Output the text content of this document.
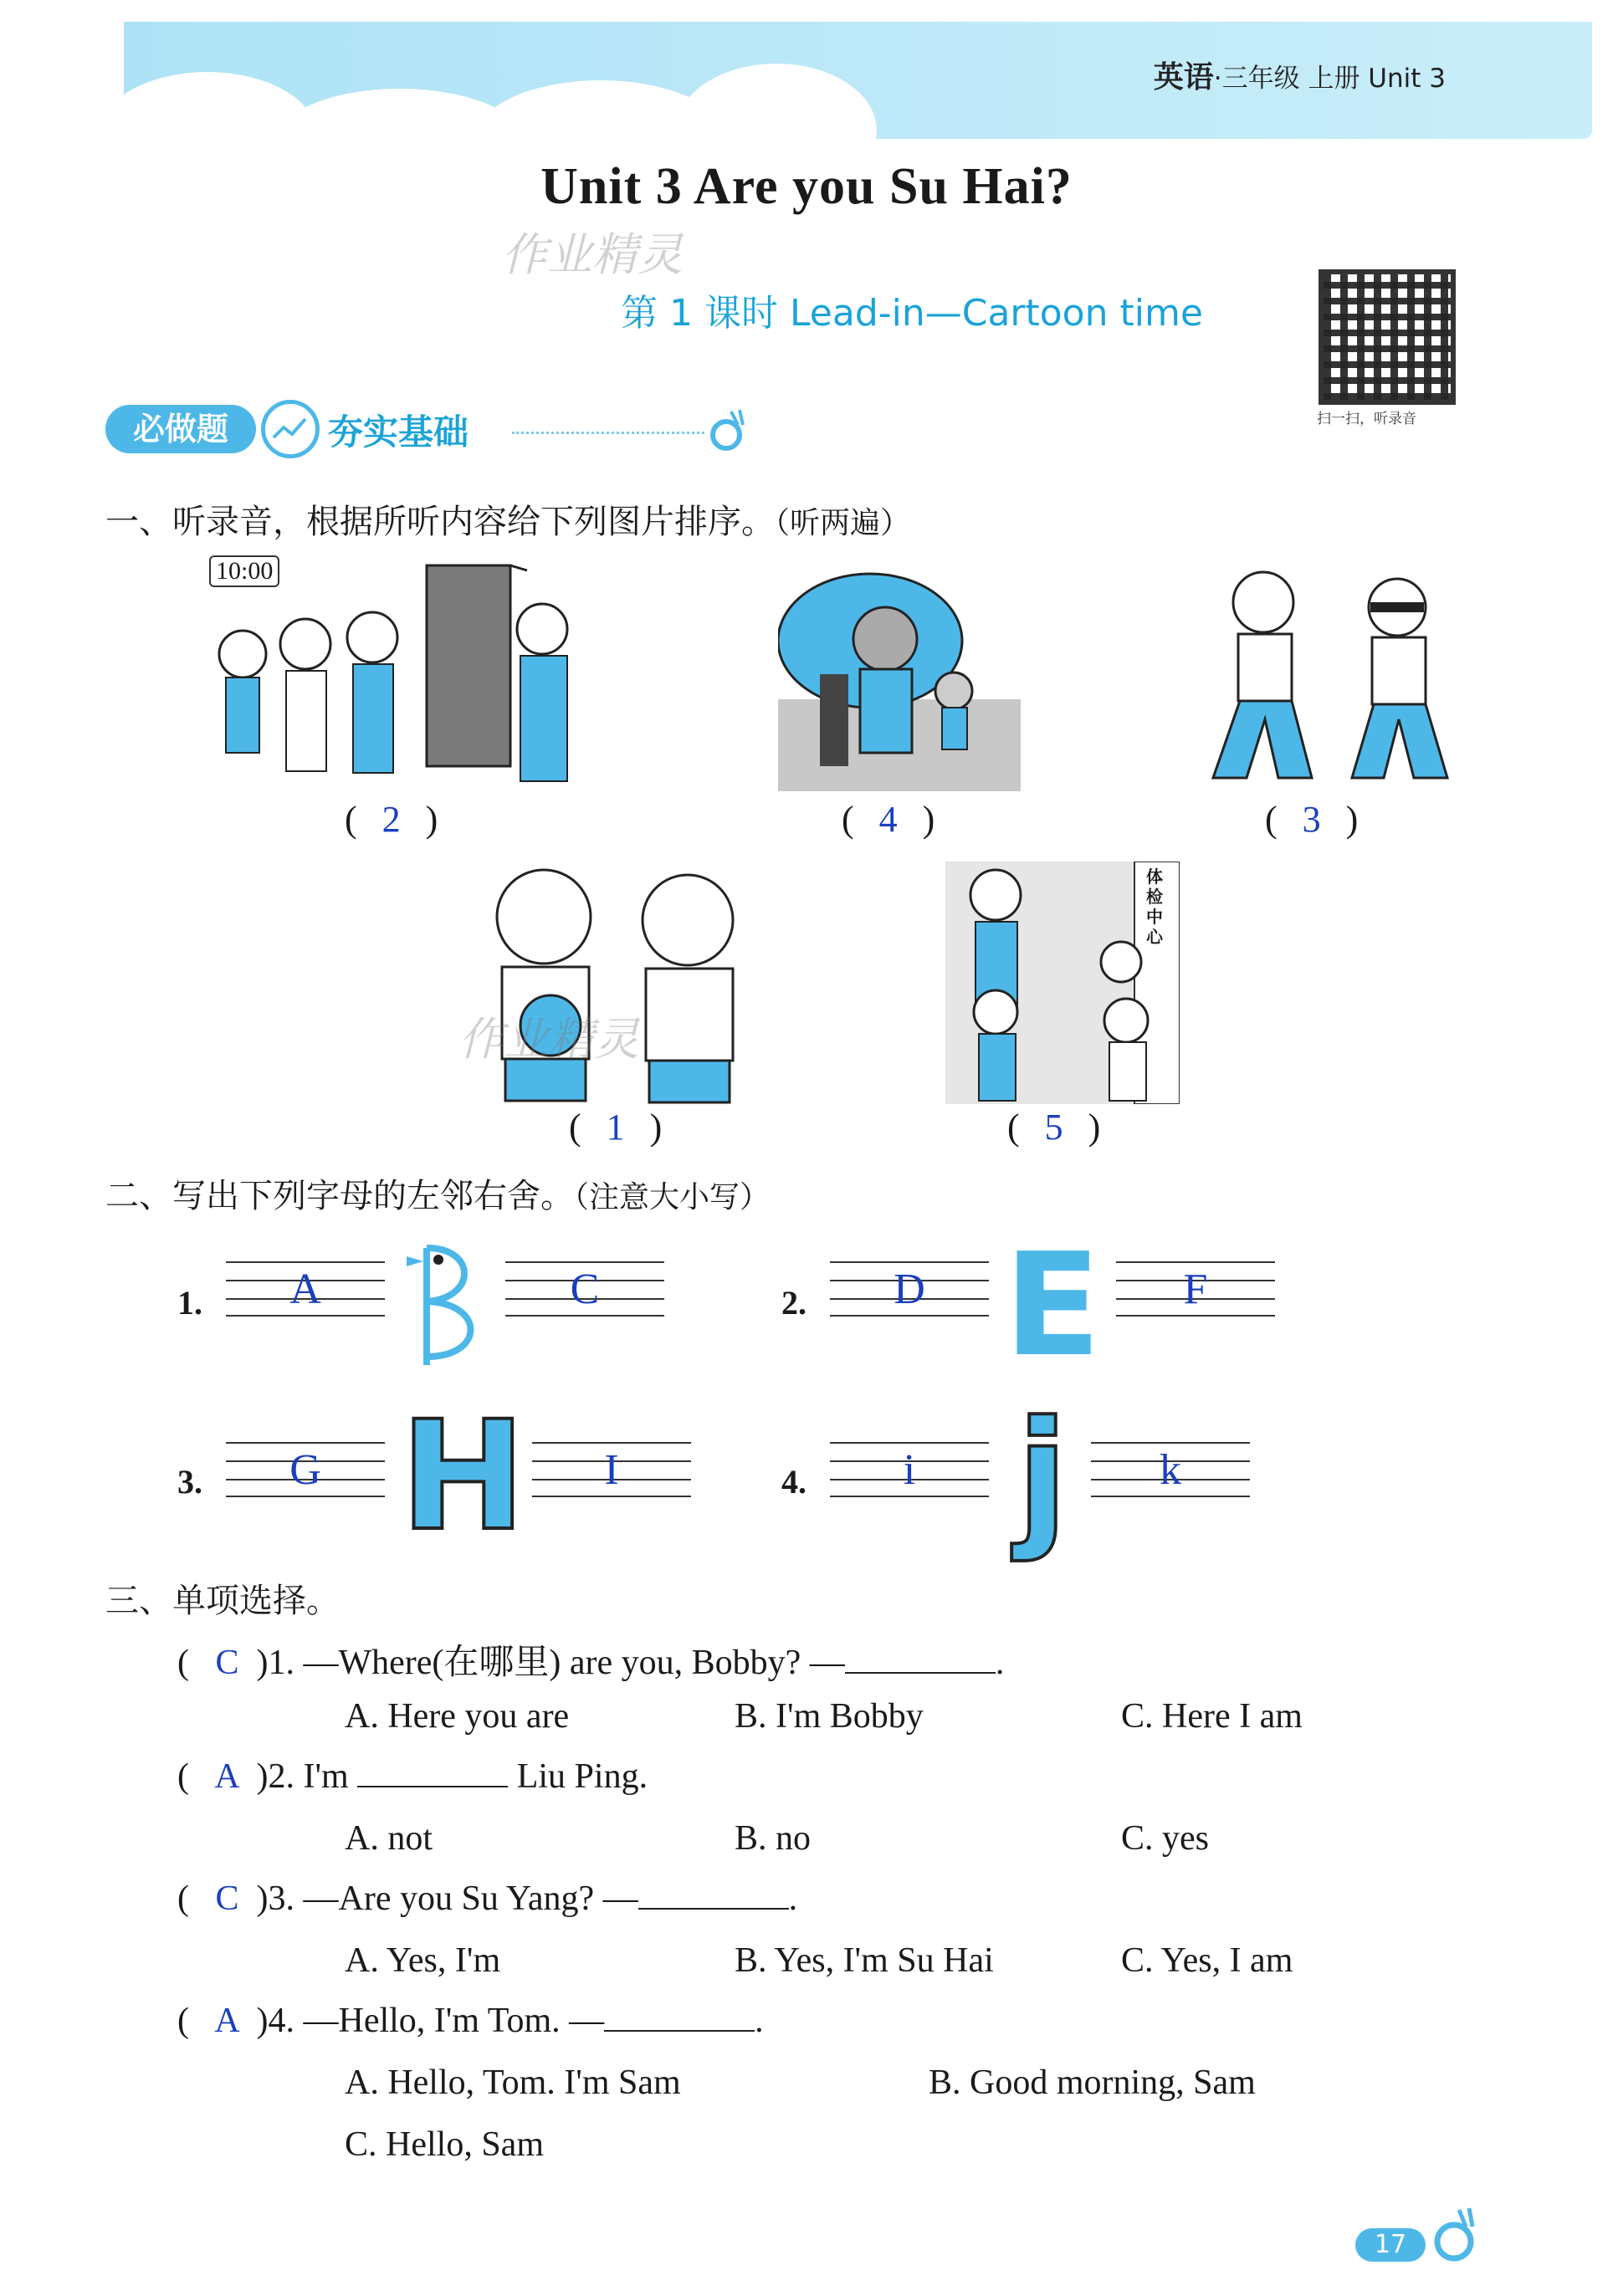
英语·三年级 上册 Unit 3
Unit 3 Are you Su Hai?
作业精灵
第 1 课时 Lead-in—Cartoon time
扫一扫，听录音
必做题	夯实基础
一、听录音，根据所听内容给下列图片排序。（听两遍）
10:00
( 2 )	( 4 )	( 3 )
作业精灵
( 1 )
体检中心
( 5 )
二、写出下列字母的左邻右舍。（注意大小写）
1.	A	C	2.	D E	F
3.	G H	I	4.	i j	k
三、单项选择。
( C )1. —Where(在哪里) are you, Bobby? —	.
A. Here you are	B. I'm Bobby	C. Here I am
( A )2. I'm	Liu Ping.
A. not	B. no	C. yes
( C )3. —Are you Su Yang? —	.
A. Yes, I'm	B. Yes, I'm Su Hai	C. Yes, I am
( A )4. —Hello, I'm Tom. —	.
A. Hello, Tom. I'm Sam	B. Good morning, Sam
C. Hello, Sam
17
